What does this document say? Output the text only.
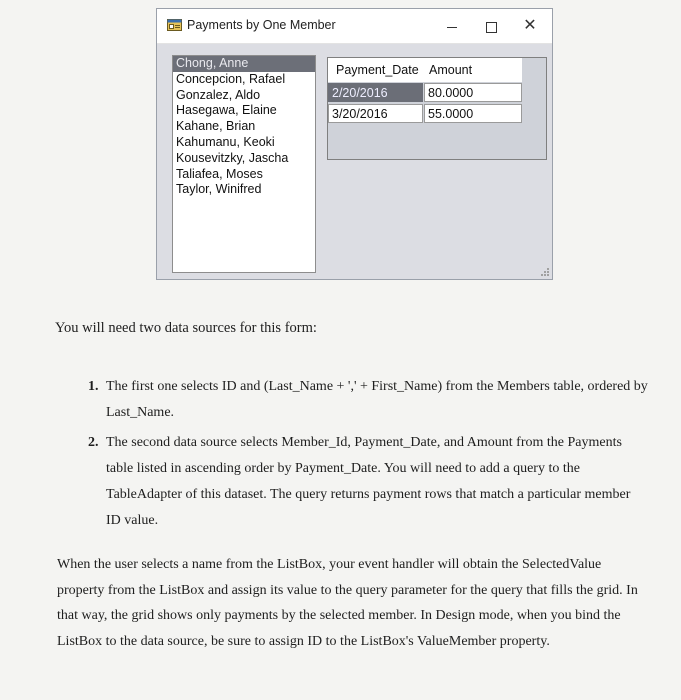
Payments by One Member	✕
Chong, Anne
Concepcion, Rafael
Gonzalez, Aldo
Hasegawa, Elaine
Kahane, Brian
Kahumanu, Keoki
Kousevitzky, Jascha
Taliafea, Moses
Taylor, Winifred
Payment_Date Amount
2/20/2016	80.0000
3/20/2016	55.0000
You will need two data sources for this form:
1. The first one selects ID and (Last_Name + ',' + First_Name) from the Members table, ordered by Last_Name.
2. The second data source selects Member_Id, Payment_Date, and Amount from the Payments table listed in ascending order by Payment_Date. You will need to add a query to the TableAdapter of this dataset. The query returns payment rows that match a particular member ID value.
When the user selects a name from the ListBox, your event handler will obtain the SelectedValue property from the ListBox and assign its value to the query parameter for the query that fills the grid. In that way, the grid shows only payments by the selected member. In Design mode, when you bind the ListBox to the data source, be sure to assign ID to the ListBox's ValueMember property.
